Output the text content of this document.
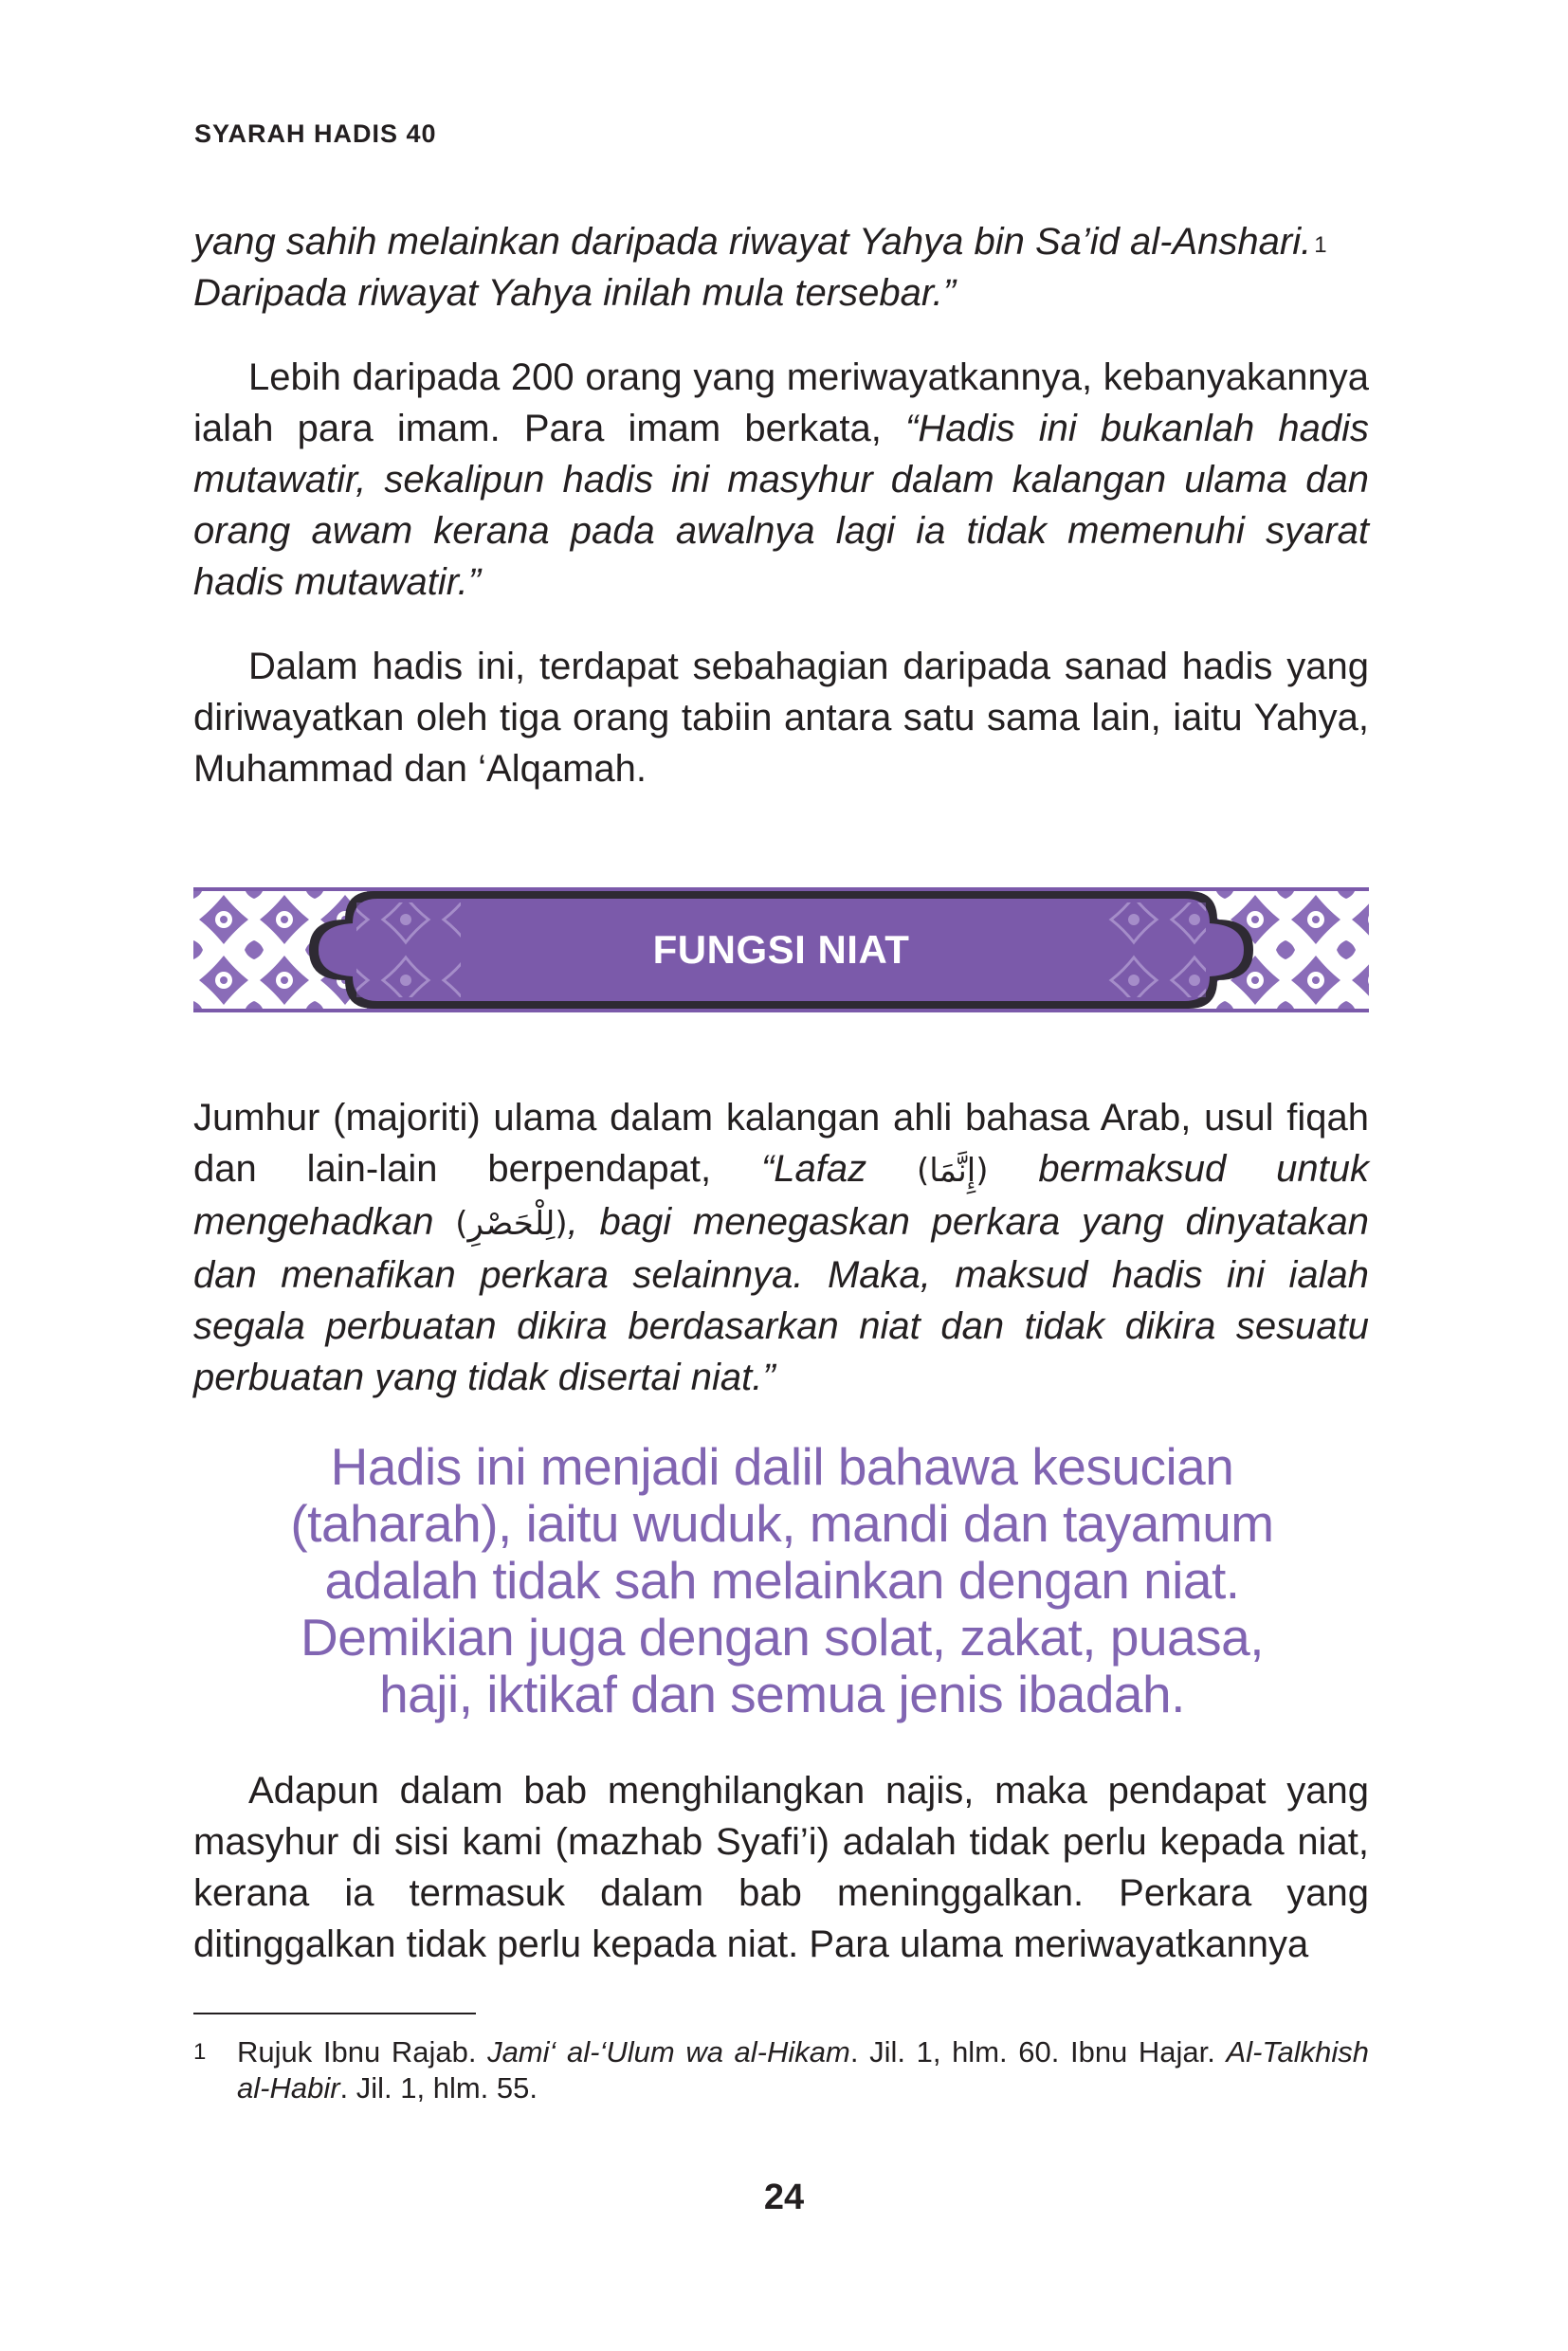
SYARAH HADIS 40

yang sahih melainkan daripada riwayat Yahya bin Sa’id al-Anshari. $^1$
Daripada riwayat Yahya inilah mula tersebar.”

Lebih daripada 200 orang yang meriwayatkannya, kebanyakannya ialah para imam. Para imam berkata, “Hadis ini bukanlah hadis mutawatir, sekalipun hadis ini masyhur dalam kalangan ulama dan orang awam kerana pada awalnya lagi ia tidak memenuhi syarat hadis mutawatir.”

Dalam hadis ini, terdapat sebahagian daripada sanad hadis yang diriwayatkan oleh tiga orang tabiin antara satu sama lain, iaitu Yahya, Muhammad dan ‘Alqamah.

FUNGSI NIAT

Jumhur (majoriti) ulama dalam kalangan ahli bahasa Arab, usul fiqah dan lain-lain berpendapat, “Lafaz (إِنَّمَا) bermaksud untuk mengehadkan (لِلْحَصْرِ), bagi menegaskan perkara yang dinyatakan dan menafikan perkara selainnya. Maka, maksud hadis ini ialah segala perbuatan dikira berdasarkan niat dan tidak dikira sesuatu perbuatan yang tidak disertai niat.”

Hadis ini menjadi dalil bahawa kesucian (taharah), iaitu wuduk, mandi dan tayamum adalah tidak sah melainkan dengan niat. Demikian juga dengan solat, zakat, puasa, haji, iktikaf dan semua jenis ibadah.

Adapun dalam bab menghilangkan najis, maka pendapat yang masyhur di sisi kami (mazhab Syafi’i) adalah tidak perlu kepada niat, kerana ia termasuk dalam bab meninggalkan. Perkara yang ditinggalkan tidak perlu kepada niat. Para ulama meriwayatkannya

1 Rujuk Ibnu Rajab. Jami‘ al-‘Ulum wa al-Hikam. Jil. 1, hlm. 60. Ibnu Hajar. Al-Talkhish al-Habir. Jil. 1, hlm. 55.
24
